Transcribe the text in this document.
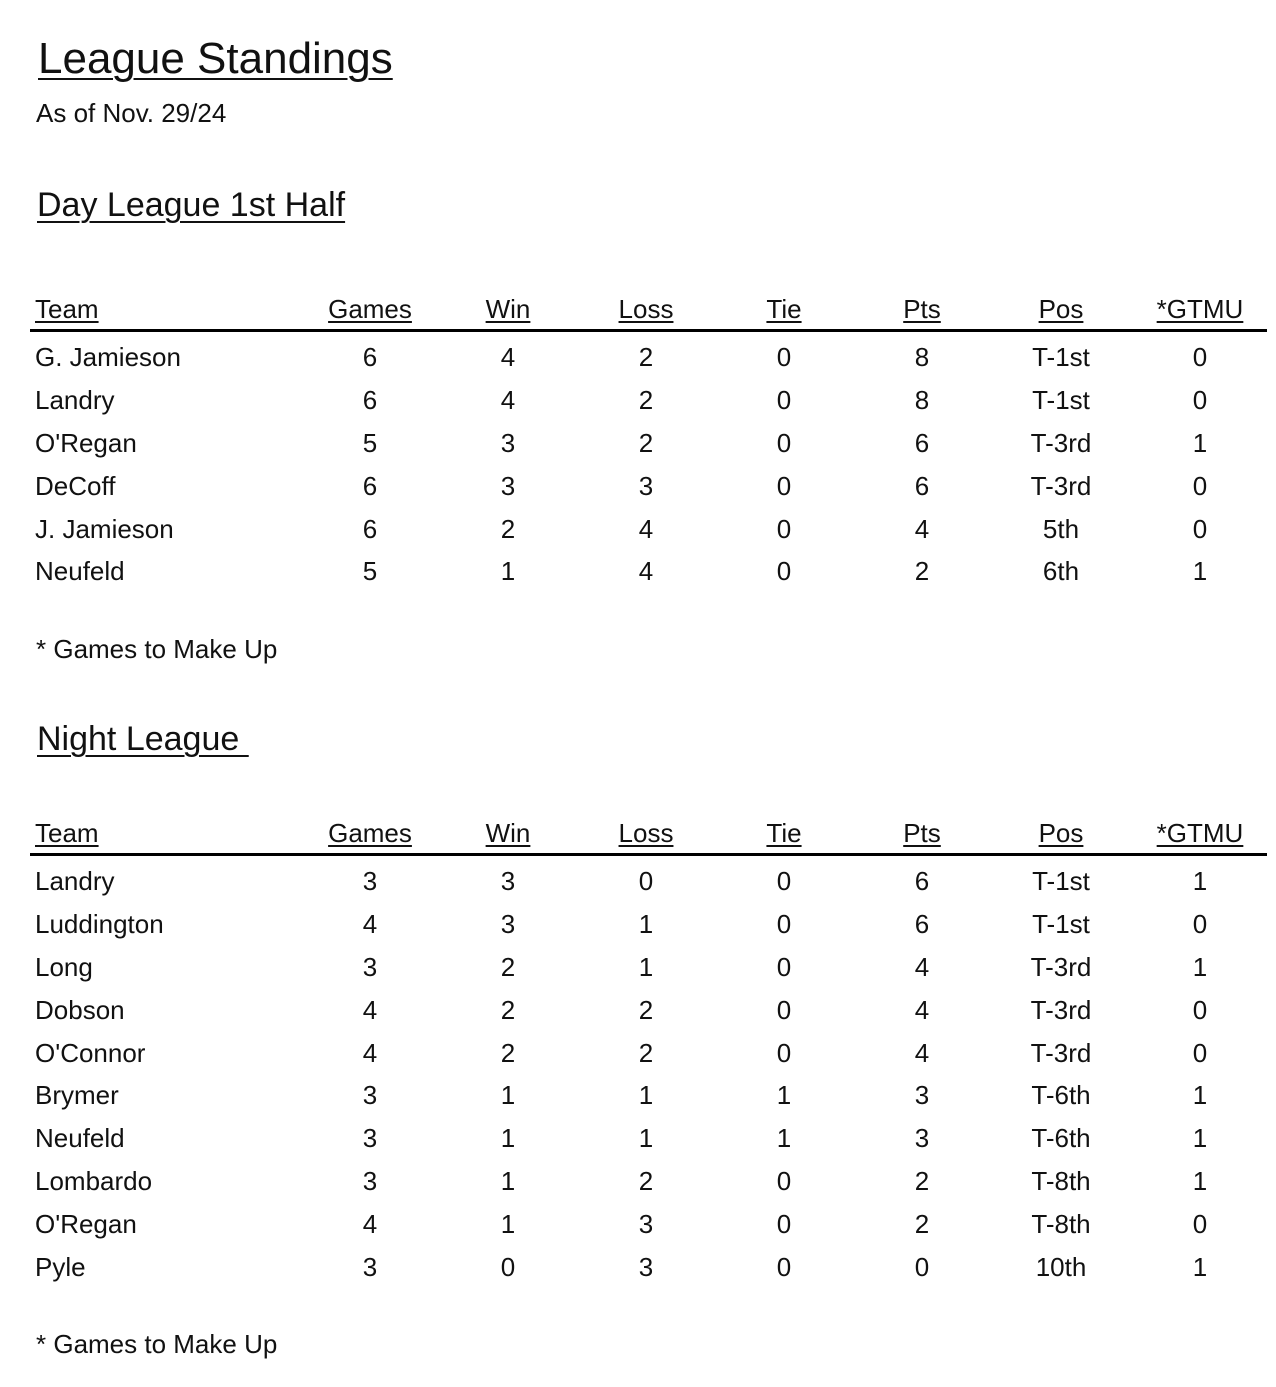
League Standings
As of Nov. 29/24
Day League 1st Half
Team	Games	Win	Loss	Tie	Pts	Pos	*GTMU
G. Jamieson	6	4	2	0	8	T-1st	0
Landry	6	4	2	0	8	T-1st	0
O'Regan	5	3	2	0	6	T-3rd	1
DeCoff	6	3	3	0	6	T-3rd	0
J. Jamieson	6	2	4	0	4	5th	0
Neufeld	5	1	4	0	2	6th	1
* Games to Make Up
Night League
Team	Games	Win	Loss	Tie	Pts	Pos	*GTMU
Landry	3	3	0	0	6	T-1st	1
Luddington	4	3	1	0	6	T-1st	0
Long	3	2	1	0	4	T-3rd	1
Dobson	4	2	2	0	4	T-3rd	0
O'Connor	4	2	2	0	4	T-3rd	0
Brymer	3	1	1	1	3	T-6th	1
Neufeld	3	1	1	1	3	T-6th	1
Lombardo	3	1	2	0	2	T-8th	1
O'Regan	4	1	3	0	2	T-8th	0
Pyle	3	0	3	0	0	10th	1
* Games to Make Up
